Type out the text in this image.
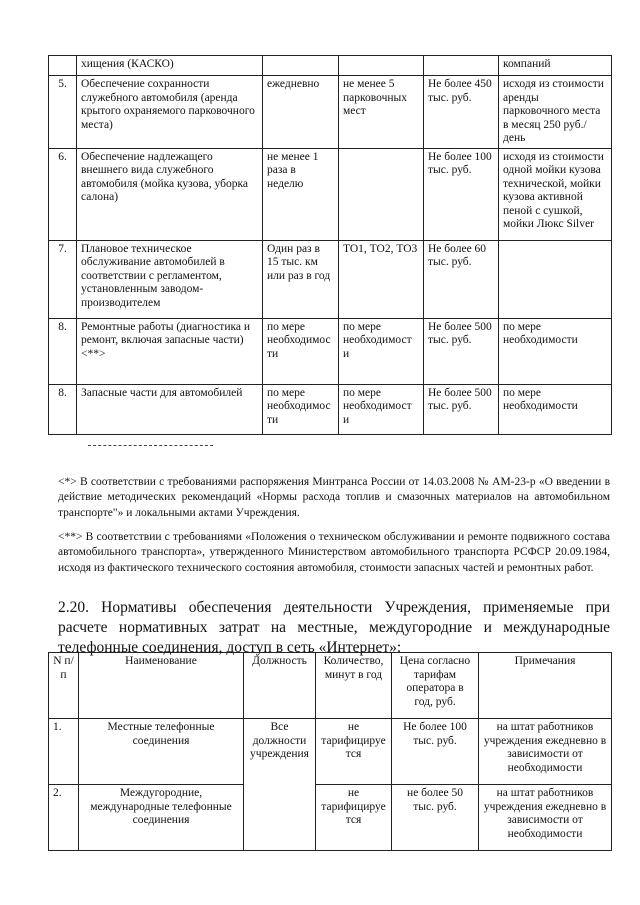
	хищения (КАСКО)				компаний
5.	Обеспечение сохранности служебного автомобиля (аренда крытого охраняемого парковочного места)	ежедневно	не менее 5 парковочных мест	Не более 450 тыс. руб.	исходя из стоимости аренды парковочного места в месяц 250 руб./день
6.	Обеспечение надлежащего внешнего вида служебного автомобиля (мойка кузова, уборка салона)	не менее 1 раза в неделю		Не более 100 тыс. руб.	исходя из стоимости одной мойки кузова технической, мойки кузова активной пеной с сушкой, мойки Люкс Silver
7.	Плановое техническое обслуживание автомобилей в соответствии с регламентом, установленным заводом-производителем	Один раз в 15 тыс. км или раз в год	ТО1, ТО2, ТО3	Не более 60 тыс. руб.	
8.	Ремонтные работы (диагностика и ремонт, включая запасные части) <**>	по мере необходимос ти	по мере необходимост и	Не более 500 тыс. руб.	по мере необходимости
8.	Запасные части для автомобилей	по мере необходимос ти	по мере необходимост и	Не более 500 тыс. руб.	по мере необходимости

<*> В соответствии с требованиями распоряжения Минтранса России от 14.03.2008 № АМ-23-р «О введении в действие методических рекомендаций «Нормы расхода топлив и смазочных материалов на автомобильном транспорте"» и локальными актами Учреждения.

<**> В соответствии с требованиями «Положения о техническом обслуживании и ремонте подвижного состава автомобильного транспорта», утвержденного Министерством автомобильного транспорта РСФСР 20.09.1984, исходя из фактического технического состояния автомобиля, стоимости запасных частей и ремонтных работ.

2.20. Нормативы обеспечения деятельности Учреждения, применяемые при расчете нормативных затрат на местные, междугородние и международные телефонные соединения, доступ в сеть «Интернет»:

N п/п	Наименование	Должность	Количество, минут в год	Цена согласно тарифам оператора в год, руб.	Примечания
1.	Местные телефонные соединения	Все должности учреждения	не тарифицируе тся	Не более 100 тыс. руб.	на штат работников учреждения ежедневно в зависимости от необходимости
2.	Междугородние, международные телефонные соединения		не тарифицируе тся	не более 50 тыс. руб.	на штат работников учреждения ежедневно в зависимости от необходимости
